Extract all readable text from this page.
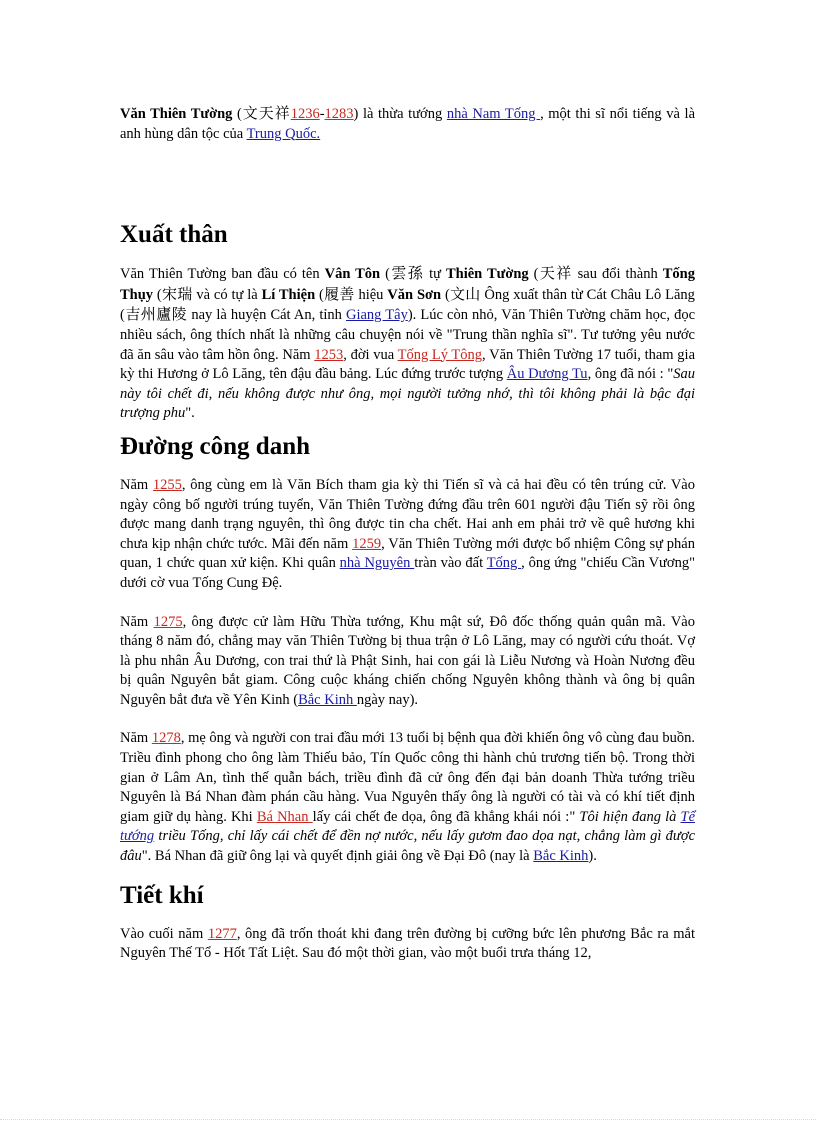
Văn Thiên Tường (文天祥1236-1283) là thừa tướng nhà Nam Tống , một thi sĩ nổi tiếng và là anh hùng dân tộc của Trung Quốc.

Xuất thân

Văn Thiên Tường ban đầu có tên Vân Tôn (雲孫 tự Thiên Tường (天祥 sau đổi thành Tống Thụy (宋瑞 và có tự là Lí Thiện (履善 hiệu Văn Sơn (文山 Ông xuất thân từ Cát Châu Lô Lăng (吉州廬陵 nay là huyện Cát An, tỉnh Giang Tây). Lúc còn nhỏ, Văn Thiên Tường chăm học, đọc nhiều sách, ông thích nhất là những câu chuyện nói về "Trung thần nghĩa sĩ". Tư tưởng yêu nước đã ăn sâu vào tâm hồn ông. Năm 1253, đời vua Tống Lý Tông, Văn Thiên Tường 17 tuổi, tham gia kỳ thi Hương ở Lô Lăng, tên đậu đầu bảng. Lúc đứng trước tượng Âu Dương Tu, ông đã nói : "Sau này tôi chết đi, nếu không được như ông, mọi người tưởng nhớ, thì tôi không phải là bậc đại trượng phu".

Đường công danh

Năm 1255, ông cùng em là Văn Bích tham gia kỳ thi Tiến sĩ và cả hai đều có tên trúng cử. Vào ngày công bố người trúng tuyển, Văn Thiên Tường đứng đầu trên 601 người đậu Tiến sỹ rồi ông được mang danh trạng nguyên, thì ông được tin cha chết. Hai anh em phải trở về quê hương khi chưa kịp nhận chức tước. Mãi đến năm 1259, Văn Thiên Tường mới được bổ nhiệm Công sự phán quan, 1 chức quan xử kiện. Khi quân nhà Nguyên tràn vào đất Tống , ông ứng "chiếu Cần Vương" dưới cờ vua Tống Cung Đệ.

Năm 1275, ông được cử làm Hữu Thừa tướng, Khu mật sứ, Đô đốc thống quản quân mã. Vào tháng 8 năm đó, chẳng may văn Thiên Tường bị thua trận ở Lô Lăng, may có người cứu thoát. Vợ là phu nhân Âu Dương, con trai thứ là Phật Sinh, hai con gái là Liễu Nương và Hoàn Nương đều bị quân Nguyên bắt giam. Công cuộc kháng chiến chống Nguyên không thành và ông bị quân Nguyên bắt đưa về Yên Kinh (Bắc Kinh ngày nay).

Năm 1278, mẹ ông và người con trai đầu mới 13 tuổi bị bệnh qua đời khiến ông vô cùng đau buồn. Triều đình phong cho ông làm Thiếu bảo, Tín Quốc công thi hành chủ trương tiến bộ. Trong thời gian ở Lâm An, tình thế quẫn bách, triều đình đã cử ông đến đại bản doanh Thừa tướng triều Nguyên là Bá Nhan đàm phán cầu hàng. Vua Nguyên thấy ông là người có tài và có khí tiết định giam giữ dụ hàng. Khi Bá Nhan lấy cái chết đe dọa, ông đã khẳng khái nói :" Tôi hiện đang là Tể tướng triều Tống, chỉ lấy cái chết để đền nợ nước, nếu lấy gươm đao dọa nạt, chẳng làm gì được đâu". Bá Nhan đã giữ ông lại và quyết định giải ông về Đại Đô (nay là Bắc Kinh).

Tiết khí

Vào cuối năm 1277, ông đã trốn thoát khi đang trên đường bị cưỡng bức lên phương Bắc ra mắt Nguyên Thế Tổ - Hốt Tất Liệt. Sau đó một thời gian, vào một buổi trưa tháng 12,
